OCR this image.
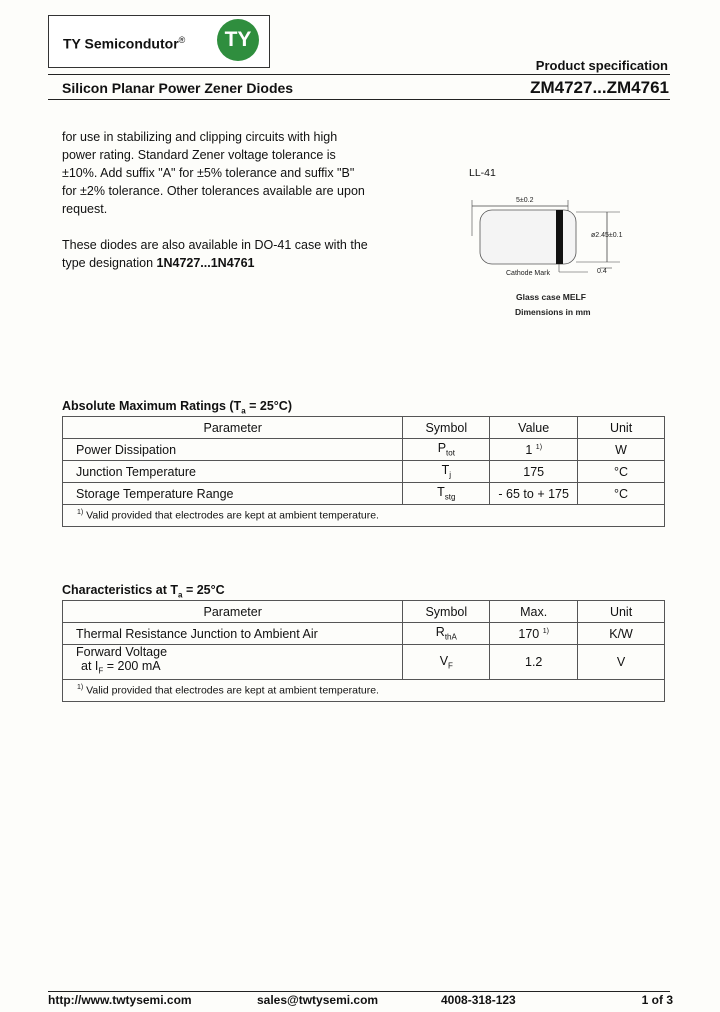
TY Semicondutor®	TY
Product specification
Silicon Planar Power Zener Diodes	ZM4727...ZM4761
for use in stabilizing and clipping circuits with high
power rating. Standard Zener voltage tolerance is
±10%. Add suffix "A" for ±5% tolerance and suffix "B"
for ±2% tolerance. Other tolerances available are upon
request.
These diodes are also available in DO-41 case with the
type designation 1N4727...1N4761
LL-41
5±0.2
ø2.45±0.1
0.4
Cathode Mark
Glass case MELF
Dimensions in mm
Absolute Maximum Ratings $(T_a = 25^\circ C)$
Parameter	Symbol	Value	Unit
Power Dissipation	$P_{tot}$	1 $^{1)}$	W
Junction Temperature	$T_j$	175	°C
Storage Temperature Range	$T_{stg}$	- 65 to + 175	°C
$^{1)}$ Valid provided that electrodes are kept at ambient temperature.			
Characteristics at $T_a = 25^\circ C$
Parameter	Symbol	Max.	Unit
Thermal Resistance Junction to Ambient Air	$R_{thA}$	170 $^{1)}$	K/W

Forward Voltage
at $I_F = 200$ mA	$V_F$	1.2	V
$^{1)}$ Valid provided that electrodes are kept at ambient temperature.			
http://www.twtysemi.com	sales@twtysemi.com	4008-318-123	1 of 3
